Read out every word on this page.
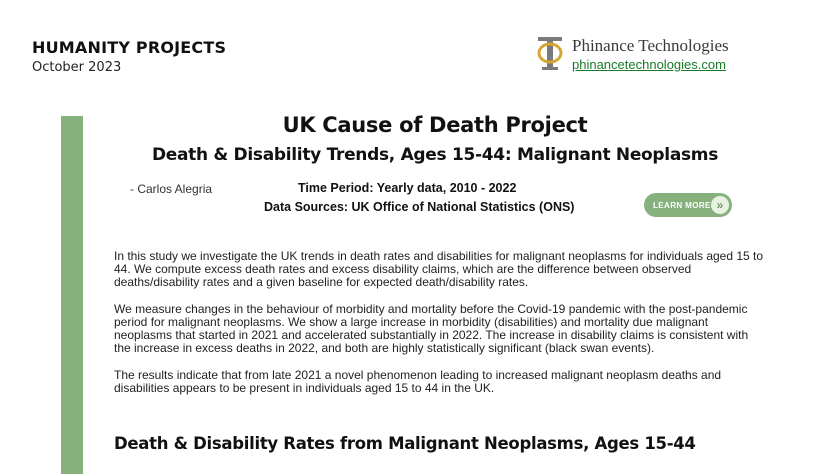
HUMANITY PROJECTS
October 2023
Phinance Technologies
phinancetechnologies.com
UK Cause of Death Project
Death & Disability Trends, Ages 15-44: Malignant Neoplasms
- Carlos Alegria	Time Period: Yearly data, 2010 - 2022
Data Sources: UK Office of National Statistics (ONS)	LEARN MORE »

In this study we investigate the UK trends in death rates and disabilities for malignant neoplasms for individuals aged 15 to 44. We compute excess death rates and excess disability claims, which are the difference between observed deaths/disability rates and a given baseline for expected death/disability rates.

We measure changes in the behaviour of morbidity and mortality before the Covid-19 pandemic with the post-pandemic period for malignant neoplasms. We show a large increase in morbidity (disabilities) and mortality due malignant neoplasms that started in 2021 and accelerated substantially in 2022. The increase in disability claims is consistent with the increase in excess deaths in 2022, and both are highly statistically significant (black swan events).

The results indicate that from late 2021 a novel phenomenon leading to increased malignant neoplasm deaths and disabilities appears to be present in individuals aged 15 to 44 in the UK.

Death & Disability Rates from Malignant Neoplasms, Ages 15-44
